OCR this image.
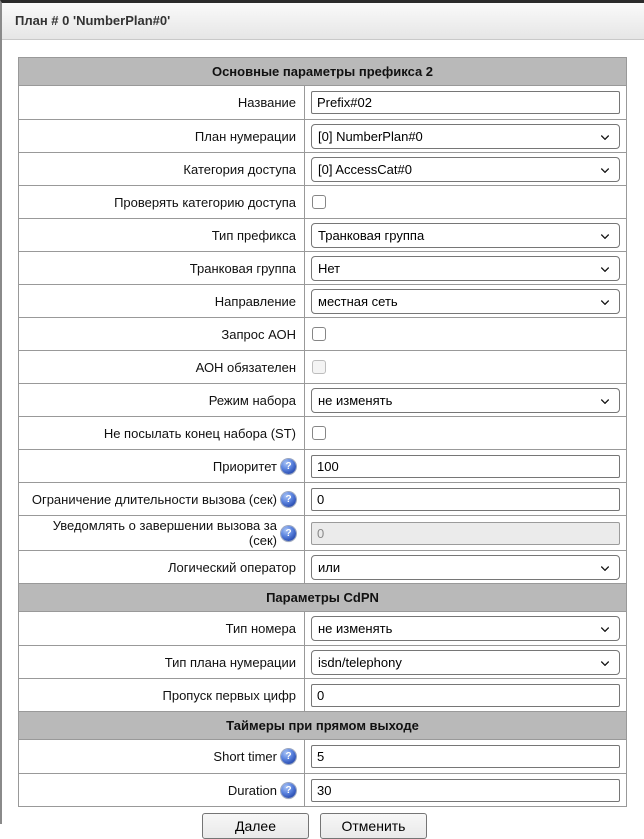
План # 0 'NumberPlan#0'
Основные параметры префикса 2
Название
Prefix#02
План нумерации [0] NumberPlan#0
Категория доступа [0] AccessCat#0
Проверять категорию доступа
Тип префикса Транковая группа
Транковая группа Нет
Направление местная сеть
Запрос АОН
АОН обязателен
Режим набора не изменять
Не посылать конец набора (ST)
Приоритет ?
100
Ограничение длительности вызова (сек) ?
0
Уведомлять о завершении вызова за (сек) ?
0
Логический оператор или
Параметры CdPN
Тип номера не изменять
Тип плана нумерации isdn/telephony
Пропуск первых цифр
0
Таймеры при прямом выходе
Short timer ?
5
Duration ?
30
Далее	Отменить
